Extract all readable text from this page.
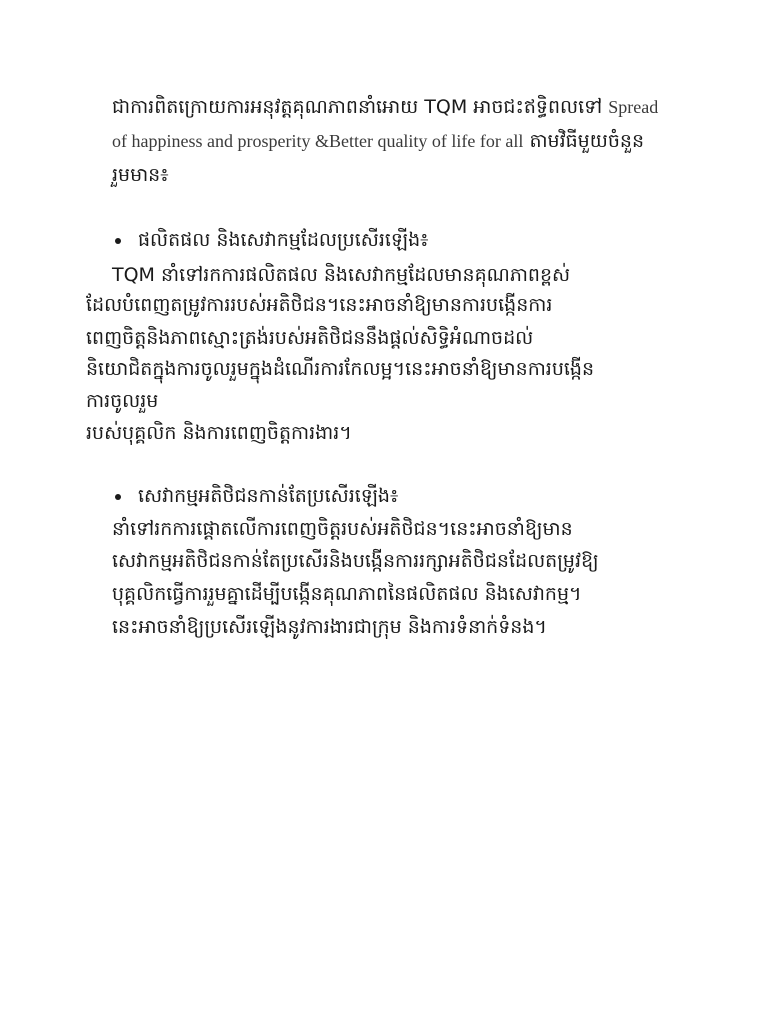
ជាការពិតក្រោយការអនុវត្តគុណភាពនាំអោយ TQM អាចជះឥទ្ធិពលទៅ Spread
of happiness and prosperity &Better quality of life for all តាមវិធីមួយចំនួន
រួមមាន៖
ផលិតផល និងសេវាកម្មដែលប្រសើរឡើង៖
TQM នាំទៅរកការផលិតផល និងសេវាកម្មដែលមានគុណភាពខ្ពស់
ដែលបំពេញតម្រូវការរបស់អតិថិជន។នេះអាចនាំឱ្យមានការបង្កើនការ
ពេញចិត្តនិងភាពស្មោះត្រង់របស់អតិថិជននឹងផ្តល់សិទ្ធិអំណាចដល់
និយោជិតក្នុងការចូលរួមក្នុងដំណើរការកែលម្អ។នេះអាចនាំឱ្យមានការបង្កើន
ការចូលរួម
របស់បុគ្គលិក និងការពេញចិត្តការងារ។
សេវាកម្មអតិថិជនកាន់តែប្រសើរឡើង៖
នាំទៅរកការផ្តោតលើការពេញចិត្តរបស់អតិថិជន។នេះអាចនាំឱ្យមាន
សេវាកម្មអតិថិជនកាន់តែប្រសើរនិងបង្កើនការរក្សាអតិថិជនដែលតម្រូវឱ្យ
បុគ្គលិកធ្វើការរួមគ្នាដើម្បីបង្កើនគុណភាពនៃផលិតផល និងសេវាកម្ម។
នេះអាចនាំឱ្យប្រសើរឡើងនូវការងារជាក្រុម និងការទំនាក់ទំនង។
